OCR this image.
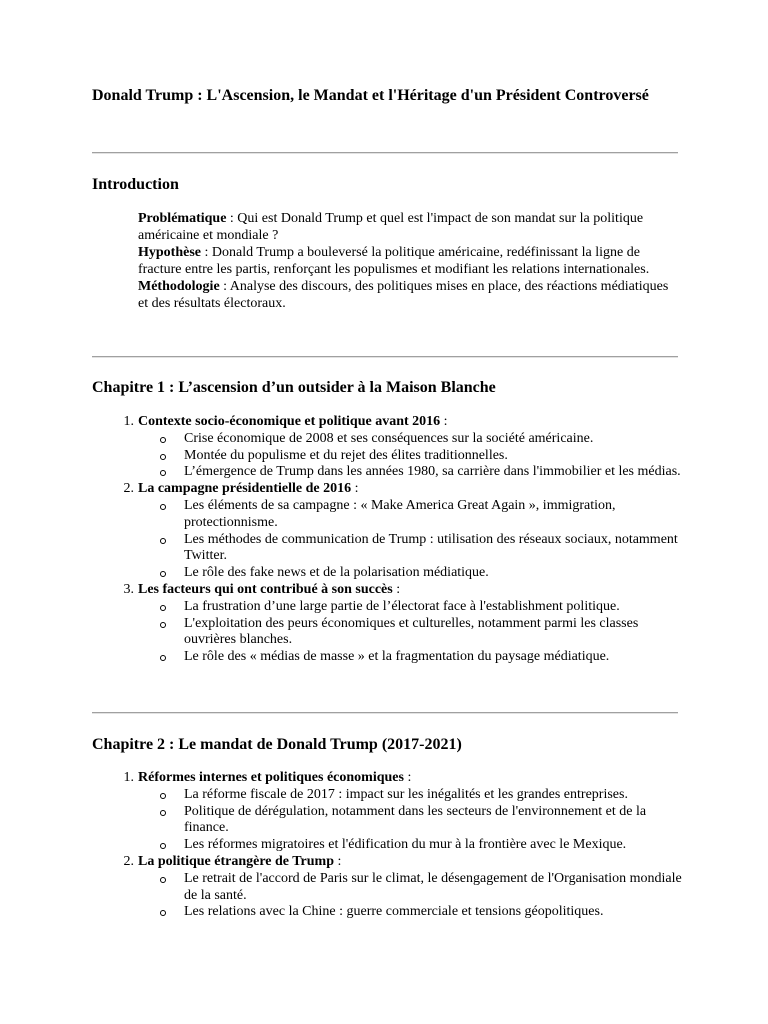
Donald Trump : L'Ascension, le Mandat et l'Héritage d'un Président Controversé
Introduction

Problématique : Qui est Donald Trump et quel est l'impact de son mandat sur la politique américaine et mondiale ?

Hypothèse : Donald Trump a bouleversé la politique américaine, redéfinissant la ligne de fracture entre les partis, renforçant les populismes et modifiant les relations internationales.

Méthodologie : Analyse des discours, des politiques mises en place, des réactions médiatiques et des résultats électoraux.

Chapitre 1 : L’ascension d’un outsider à la Maison Blanche
1. Contexte socio-économique et politique avant 2016 :
Crise économique de 2008 et ses conséquences sur la société américaine.
Montée du populisme et du rejet des élites traditionnelles.
L’émergence de Trump dans les années 1980, sa carrière dans l'immobilier et les médias.
2. La campagne présidentielle de 2016 :
Les éléments de sa campagne : « Make America Great Again », immigration, protectionnisme.
Les méthodes de communication de Trump : utilisation des réseaux sociaux, notamment Twitter.
Le rôle des fake news et de la polarisation médiatique.
3. Les facteurs qui ont contribué à son succès :
La frustration d’une large partie de l’électorat face à l'establishment politique.
L'exploitation des peurs économiques et culturelles, notamment parmi les classes ouvrières blanches.
Le rôle des « médias de masse » et la fragmentation du paysage médiatique.
Chapitre 2 : Le mandat de Donald Trump (2017-2021)
1. Réformes internes et politiques économiques :
La réforme fiscale de 2017 : impact sur les inégalités et les grandes entreprises.
Politique de dérégulation, notamment dans les secteurs de l'environnement et de la finance.
Les réformes migratoires et l'édification du mur à la frontière avec le Mexique.
2. La politique étrangère de Trump :
Le retrait de l'accord de Paris sur le climat, le désengagement de l'Organisation mondiale de la santé.
Les relations avec la Chine : guerre commerciale et tensions géopolitiques.
